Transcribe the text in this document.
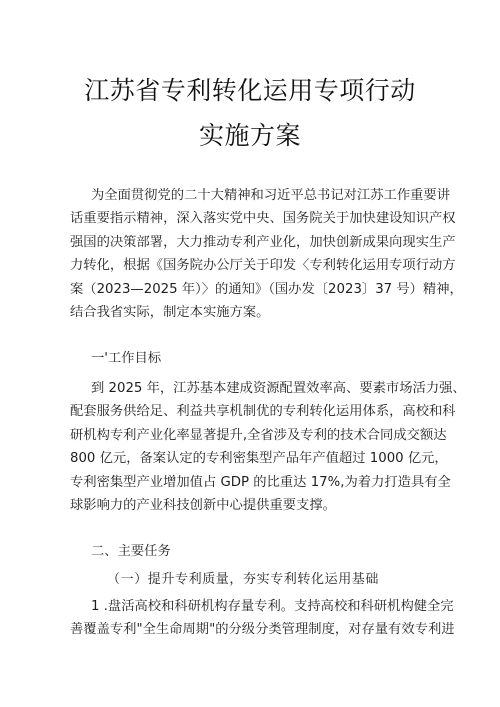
江苏省专利转化运用专项行动
实施方案
为全面贯彻党的二十大精神和习近平总书记对江苏工作重要讲
话重要指示精神，深入落实党中央、国务院关于加快建设知识产权
强国的决策部署，大力推动专利产业化，加快创新成果向现实生产
力转化，根据《国务院办公厅关于印发〈专利转化运用专项行动方
案（2023—2025 年）〉的通知》（国办发〔2023〕37 号）精神，
结合我省实际，制定本实施方案。
一'工作目标
到 2025 年，江苏基本建成资源配置效率高、要素市场活力强、
配套服务供给足、利益共享机制优的专利转化运用体系，高校和科
研机构专利产业化率显著提升,全省涉及专利的技术合同成交额达
800 亿元，备案认定的专利密集型产品年产值超过 1000 亿元，
专利密集型产业增加值占 GDP 的比重达 17%,为着力打造具有全
球影响力的产业科技创新中心提供重要支撑。
二、主要任务
（一）提升专利质量，夯实专利转化运用基础
1 .盘活高校和科研机构存量专利。支持高校和科研机构健全完
善覆盖专利"全生命周期"的分级分类管理制度，对存量有效专利进
